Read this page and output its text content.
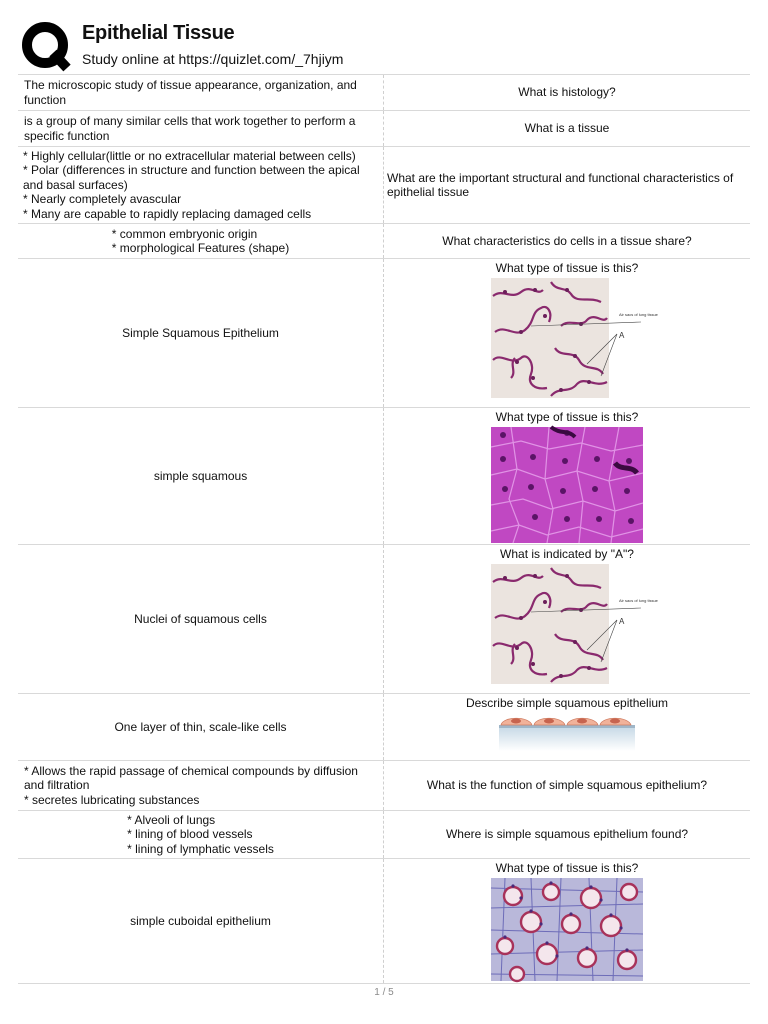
Epithelial Tissue
Study online at https://quizlet.com/_7hjiym
The microscopic study of tissue appearance, organization, and
function
What is histology?
is a group of many similar cells that work together to perform a
specific function
What is a tissue
* Highly cellular(little or no extracellular material between cells)
* Polar (differences in structure and function between the apical
and basal surfaces)
* Nearly completely avascular
* Many are capable to rapidly replacing damaged cells
What are the important structural and functional characteristics of epithelial tissue
* common embryonic origin
* morphological Features (shape)
What characteristics do cells in a tissue share?
Simple Squamous Epithelium
What type of tissue is this?
Air sacs of lung tissue
A
simple squamous
What type of tissue is this?
Nuclei of squamous cells
What is indicated by "A"?
Air sacs of lung tissue
A
One layer of thin, scale-like cells
Describe simple squamous epithelium
* Allows the rapid passage of chemical compounds by diffusion
and filtration
* secretes lubricating substances
What is the function of simple squamous epithelium?
* Alveoli of lungs
* lining of blood vessels
* lining of lymphatic vessels
Where is simple squamous epithelium found?
simple cuboidal epithelium
What type of tissue is this?
1 / 5
